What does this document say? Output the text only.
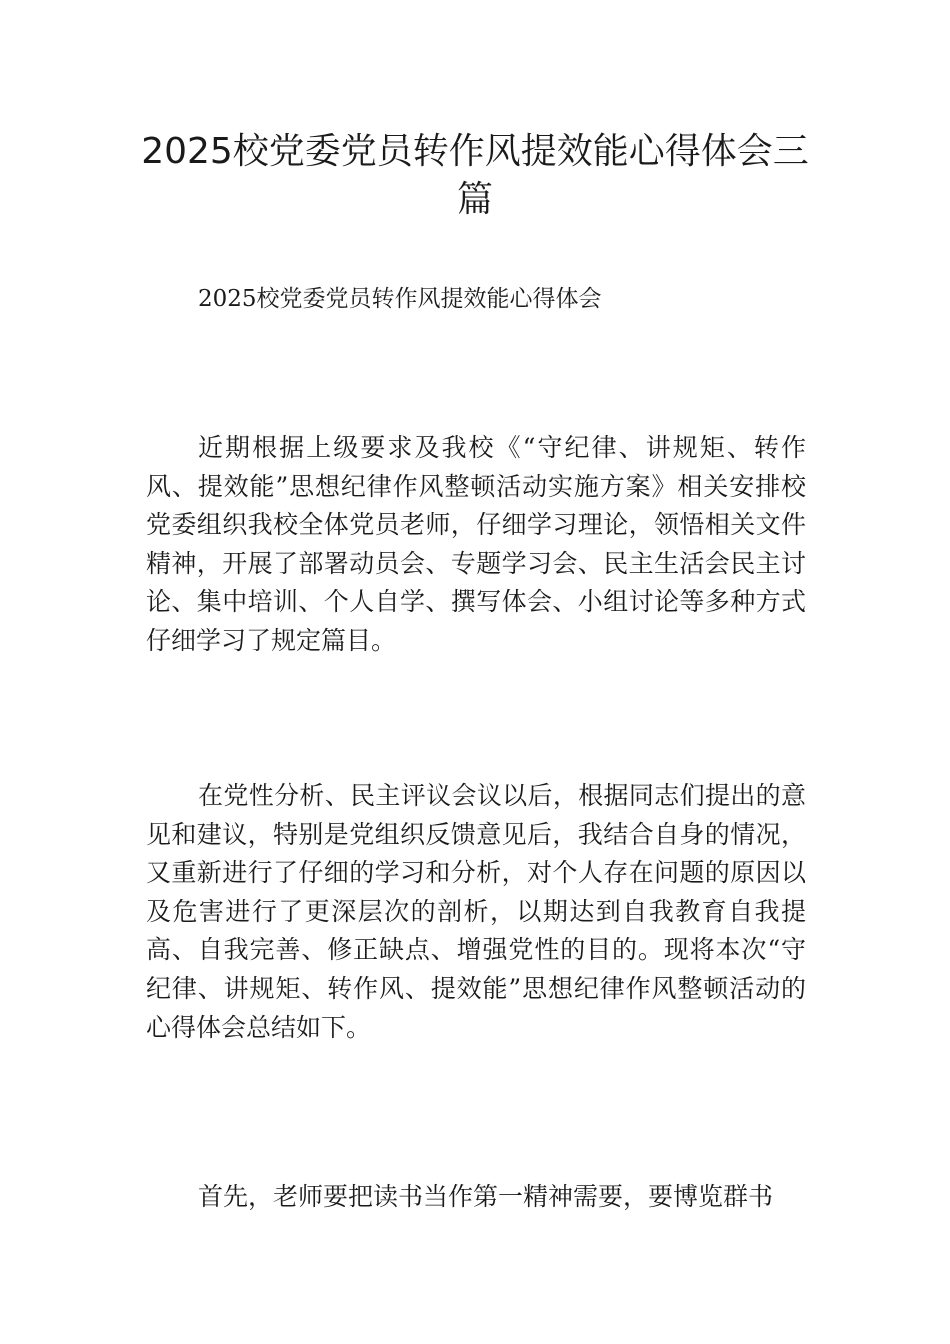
2025校党委党员转作风提效能心得体会三篇

2025校党委党员转作风提效能心得体会

近期根据上级要求及我校《“守纪律、讲规矩、转作风、提效能”思想纪律作风整顿活动实施方案》相关安排校党委组织我校全体党员老师，仔细学习理论，领悟相关文件精神，开展了部署动员会、专题学习会、民主生活会民主讨论、集中培训、个人自学、撰写体会、小组讨论等多种方式仔细学习了规定篇目。

在党性分析、民主评议会议以后，根据同志们提出的意见和建议，特别是党组织反馈意见后，我结合自身的情况，又重新进行了仔细的学习和分析，对个人存在问题的原因以及危害进行了更深层次的剖析，以期达到自我教育自我提高、自我完善、修正缺点、增强党性的目的。现将本次“守纪律、讲规矩、转作风、提效能”思想纪律作风整顿活动的心得体会总结如下。

首先，老师要把读书当作第一精神需要，要博览群书
